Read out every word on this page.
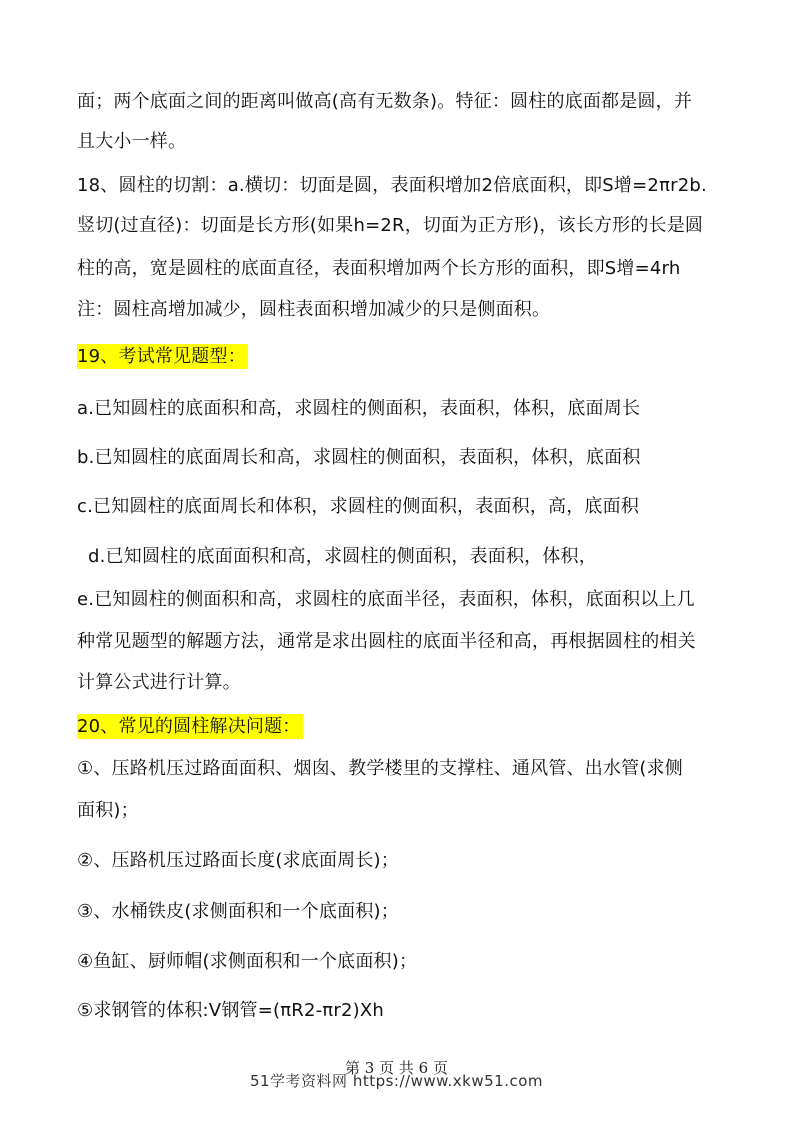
面；两个底面之间的距离叫做高(高有无数条)。特征：圆柱的底面都是圆，并
且大小一样。
18、圆柱的切割：a.横切：切面是圆，表面积增加2倍底面积，即S增=2πr2b.
竖切(过直径)：切面是长方形(如果h=2R，切面为正方形)，该长方形的长是圆
柱的高，宽是圆柱的底面直径，表面积增加两个长方形的面积，即S增=4rh
注：圆柱高增加减少，圆柱表面积增加减少的只是侧面积。
19、考试常见题型：
a.已知圆柱的底面积和高，求圆柱的侧面积，表面积，体积，底面周长
b.已知圆柱的底面周长和高，求圆柱的侧面积，表面积，体积，底面积
c.已知圆柱的底面周长和体积，求圆柱的侧面积，表面积，高，底面积
d.已知圆柱的底面面积和高，求圆柱的侧面积，表面积，体积，
e.已知圆柱的侧面积和高，求圆柱的底面半径，表面积，体积，底面积以上几
种常见题型的解题方法，通常是求出圆柱的底面半径和高，再根据圆柱的相关
计算公式进行计算。
20、常见的圆柱解决问题：
①、压路机压过路面面积、烟囱、教学楼里的支撑柱、通风管、出水管(求侧
面积)；
②、压路机压过路面长度(求底面周长)；
③、水桶铁皮(求侧面积和一个底面积)；
④鱼缸、厨师帽(求侧面积和一个底面积)；
⑤求钢管的体积:V钢管=(πR2-πr2)Xh
第 3 页 共 6 页
51学考资料网 https://www.xkw51.com
